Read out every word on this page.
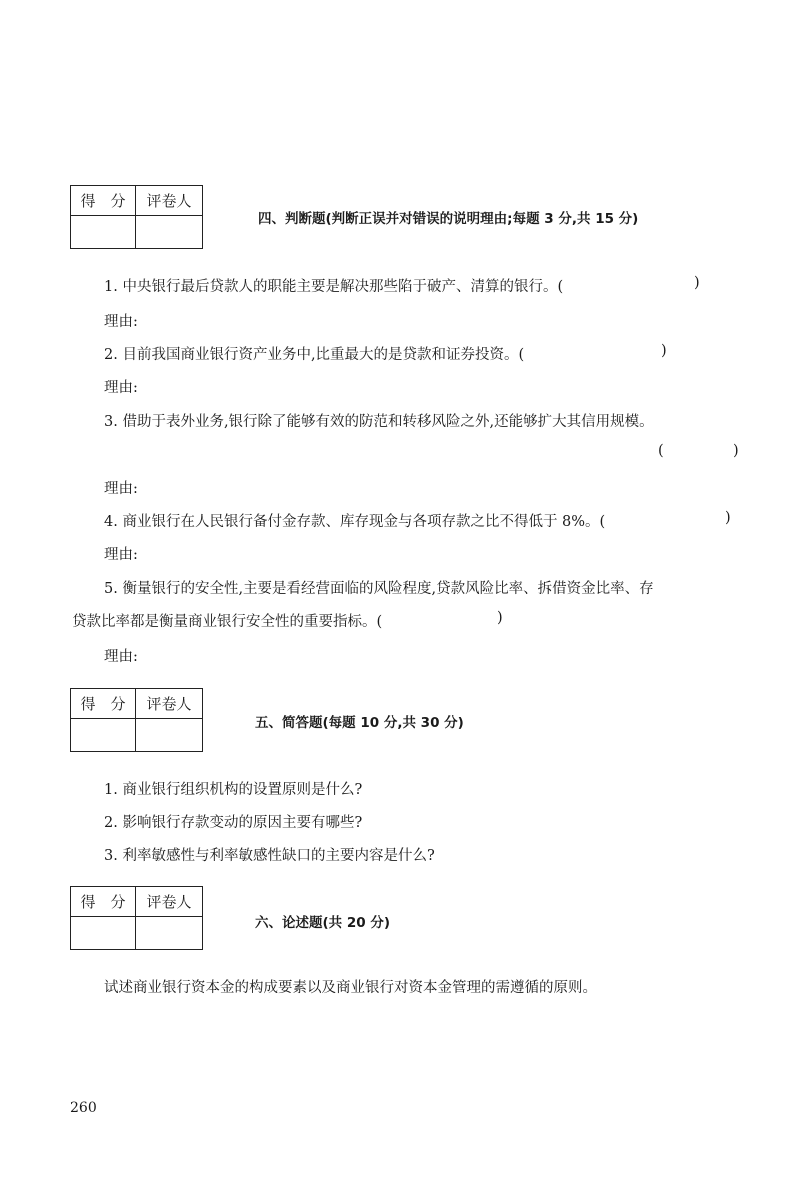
得　分	评卷人

四、判断题(判断正误并对错误的说明理由;每题 3 分,共 15 分)
1. 中央银行最后贷款人的职能主要是解决那些陷于破产、清算的银行。(	)
理由:
2. 目前我国商业银行资产业务中,比重最大的是贷款和证券投资。(	)
理由:
3. 借助于表外业务,银行除了能够有效的防范和转移风险之外,还能够扩大其信用规模。
(	)
理由:
4. 商业银行在人民银行备付金存款、库存现金与各项存款之比不得低于 8%。(	)
理由:
5. 衡量银行的安全性,主要是看经营面临的风险程度,贷款风险比率、拆借资金比率、存
贷款比率都是衡量商业银行安全性的重要指标。(	)
理由:
得　分	评卷人

五、简答题(每题 10 分,共 30 分)
1. 商业银行组织机构的设置原则是什么?
2. 影响银行存款变动的原因主要有哪些?
3. 利率敏感性与利率敏感性缺口的主要内容是什么?
得　分	评卷人

六、论述题(共 20 分)
试述商业银行资本金的构成要素以及商业银行对资本金管理的需遵循的原则。
260
